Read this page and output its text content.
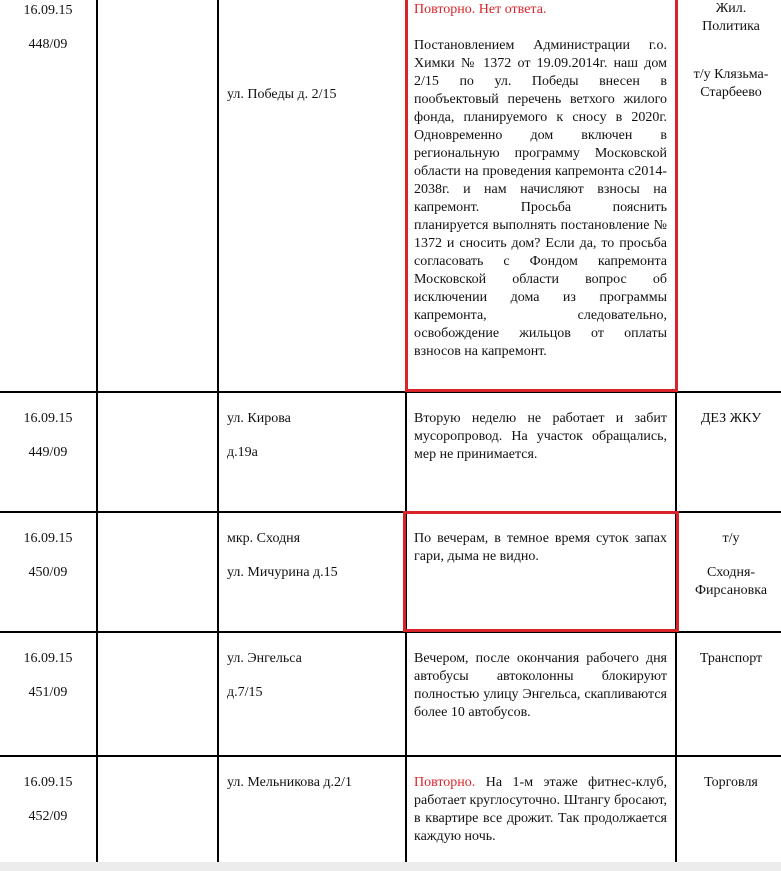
16.09.15
448/09
ул. Победы д. 2/15
Повторно. Нет ответа.
Постановлением Администрации г.о. Химки № 1372 от 19.09.2014г. наш дом 2/15 по ул. Победы внесен в пообъектовый перечень ветхого жилого фонда, планируемого к сносу в 2020г. Одновременно дом включен в региональную программу Московской области на проведения капремонта с2014-2038г. и нам начисляют взносы на капремонт. Просьба пояснить планируется выполнять постановление № 1372 и сносить дом? Если да, то просьба согласовать с Фондом капремонта Московской области вопрос об исключении дома из программы капремонта, следовательно, освобождение жильцов от оплаты взносов на капремонт.
Жил. Политика
т/у Клязьма-Старбеево
16.09.15
449/09
ул. Кирова
д.19а
Вторую неделю не работает и забит мусоропровод. На участок обращались, мер не принимается.
ДЕЗ ЖКУ
16.09.15
450/09
мкр. Сходня
ул. Мичурина д.15
По вечерам, в темное время суток запах гари, дыма не видно.
т/у
Сходня-Фирсановка
16.09.15
451/09
ул. Энгельса
д.7/15
Вечером, после окончания рабочего дня автобусы автоколонны блокируют полностью улицу Энгельса, скапливаются более 10 автобусов.
Транспорт
16.09.15
452/09
ул. Мельникова д.2/1	Повторно. На 1-м этаже фитнес-клуб, работает круглосуточно. Штангу бросают, в квартире все дрожит. Так продолжается каждую ночь.
Торговля
